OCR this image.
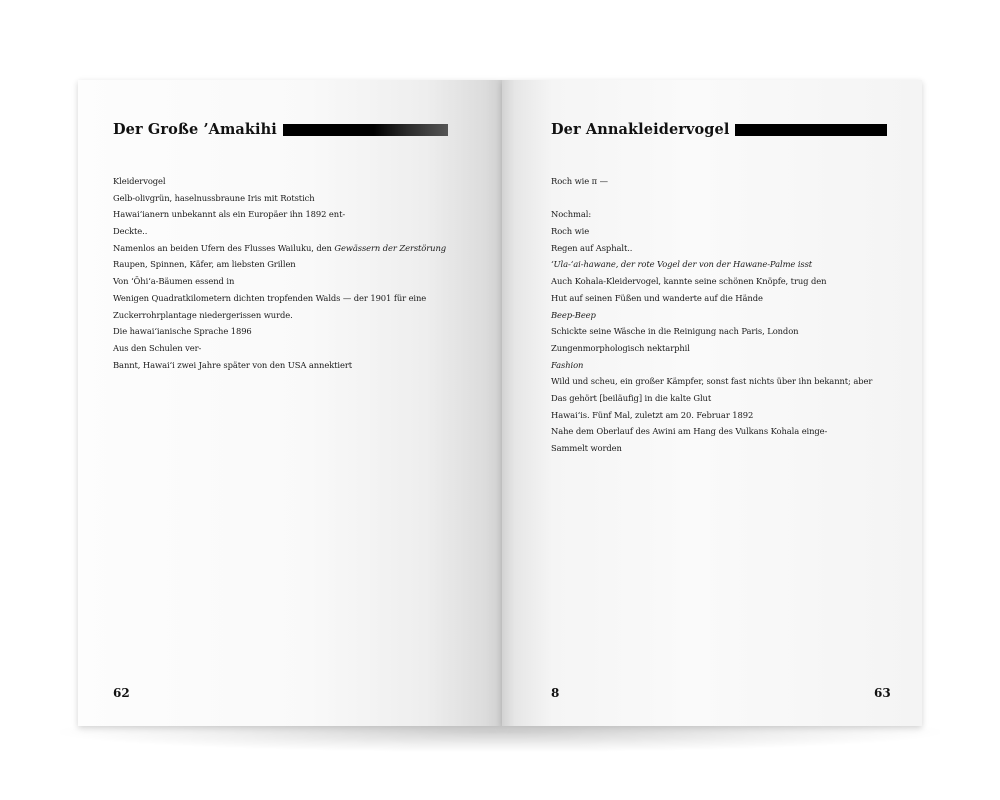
Der Große ’Amakihi
Kleidervogel
Gelb-olivgrün, haselnussbraune Iris mit Rotstich
Hawai‘ianern unbekannt als ein Europäer ihn 1892 ent-
Deckte..
Namenlos an beiden Ufern des Flusses Wailuku, den Gewässern der Zerstörung
Raupen, Spinnen, Käfer, am liebsten Grillen
Von ‘Ōhi‘a-Bäumen essend in
Wenigen Quadratkilometern dichten tropfenden Walds — der 1901 für eine
Zuckerrohrplantage niedergerissen wurde.
Die hawai‘ianische Sprache 1896
Aus den Schulen ver-
Bannt, Hawai‘i zwei Jahre später von den USA annektiert
62
Der Annakleidervogel
Roch wie π —
Nochmal:
Roch wie
Regen auf Asphalt..
‘Ula-‘ai-hawane, der rote Vogel der von der Hawane-Palme isst
Auch Kohala-Kleidervogel, kannte seine schönen Knöpfe, trug den
Hut auf seinen Füßen und wanderte auf die Hände
Beep-Beep
Schickte seine Wäsche in die Reinigung nach Paris, London
Zungenmorphologisch nektarphil
Fashion
Wild und scheu, ein großer Kämpfer, sonst fast nichts über ihn bekannt; aber
Das gehört [beiläufig] in die kalte Glut
Hawai‘is. Fünf Mal, zuletzt am 20. Februar 1892
Nahe dem Oberlauf des Awini am Hang des Vulkans Kohala einge-
Sammelt worden
8	63
